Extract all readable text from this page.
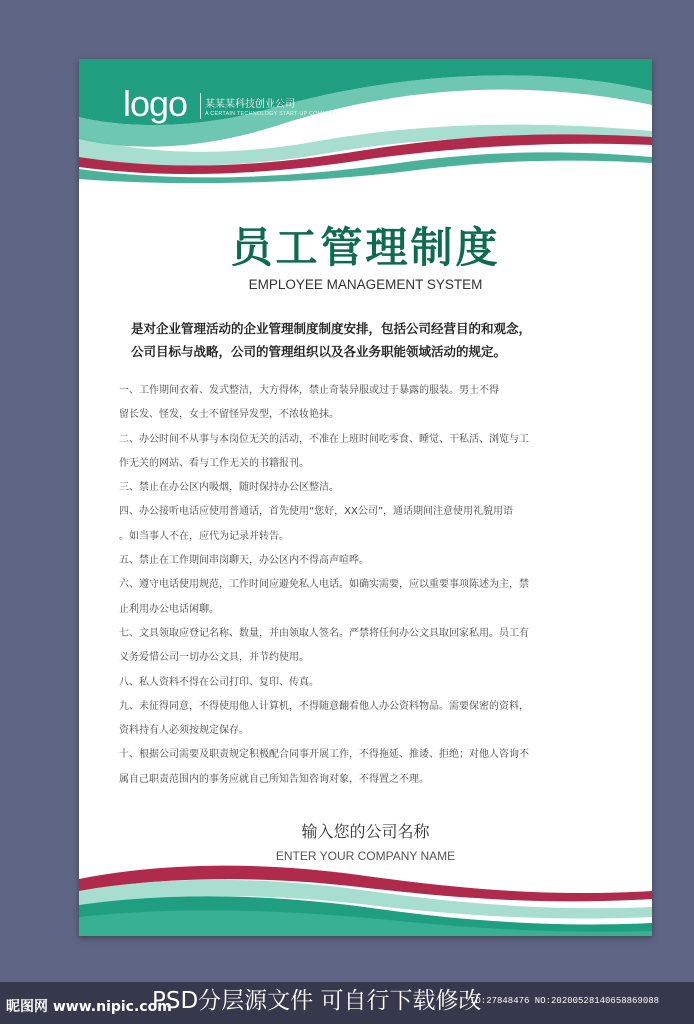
logo 某某某科技创业公司
A CERTAIN TECHNOLOGY START-UP COMPANY
员工管理制度
EMPLOYEE MANAGEMENT SYSTEM
是对企业管理活动的企业管理制度制度安排，包括公司经营目的和观念，
公司目标与战略，公司的管理组织以及各业务职能领域活动的规定。
一、工作期间衣着、发式整洁，大方得体，禁止奇装异服或过于暴露的服装。男士不得
留长发、怪发，女士不留怪异发型，不浓妆艳抹。
二、办公时间不从事与本岗位无关的活动，不准在上班时间吃零食、睡觉、干私活、浏览与工
作无关的网站、看与工作无关的书籍报刊。
三、禁止在办公区内吸烟，随时保持办公区整洁。
四、办公接听电话应使用普通话，首先使用“您好，XX公司”，通话期间注意使用礼貌用语
。如当事人不在，应代为记录并转告。
五、禁止在工作期间串岗聊天，办公区内不得高声喧哗。
六、遵守电话使用规范，工作时间应避免私人电话。如确实需要，应以重要事项陈述为主，禁
止利用办公电话闲聊。
七、文具领取应登记名称、数量，并由领取人签名。严禁将任何办公文具取回家私用。员工有
义务爱惜公司一切办公文具，并节约使用。
八、私人资料不得在公司打印、复印、传真。
九、未征得同意，不得使用他人计算机，不得随意翻看他人办公资料物品。需要保密的资料，
资料持有人必须按规定保存。
十、根据公司需要及职责规定积极配合同事开展工作，不得拖延、推诿、拒绝；对他人咨询不
属自己职责范围内的事务应就自己所知告知咨询对象，不得置之不理。
输入您的公司名称
ENTER YOUR COMPANY NAME
昵图网 www.nipic.com
PSD分层源文件 可自行下载修改
ID:27848476 NO:20200528140658869088
